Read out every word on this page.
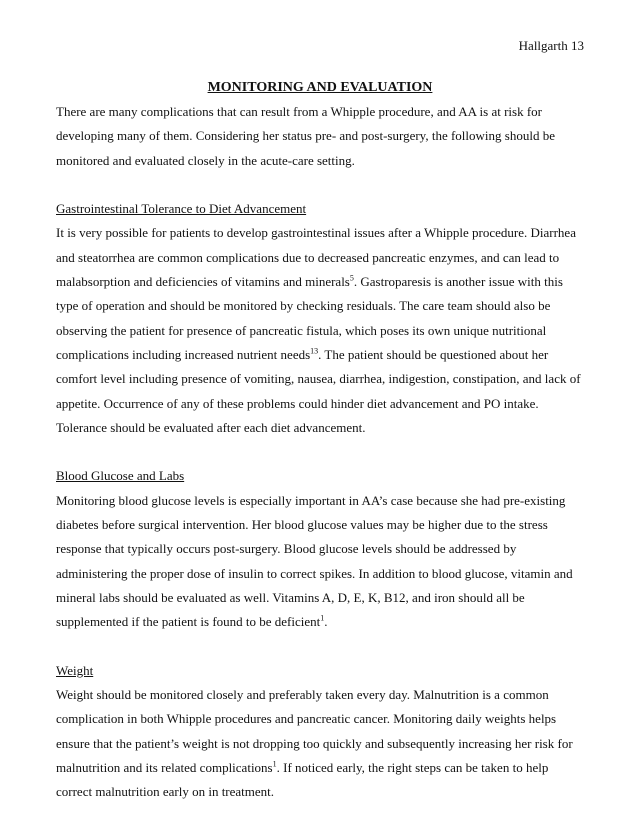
Hallgarth 13
MONITORING AND EVALUATION

There are many complications that can result from a Whipple procedure, and AA is at risk for developing many of them. Considering her status pre- and post-surgery, the following should be monitored and evaluated closely in the acute-care setting.

Gastrointestinal Tolerance to Diet Advancement

It is very possible for patients to develop gastrointestinal issues after a Whipple procedure. Diarrhea and steatorrhea are common complications due to decreased pancreatic enzymes, and can lead to malabsorption and deficiencies of vitamins and minerals$^5$. Gastroparesis is another issue with this type of operation and should be monitored by checking residuals. The care team should also be observing the patient for presence of pancreatic fistula, which poses its own unique nutritional complications including increased nutrient needs$^{13}$. The patient should be questioned about her comfort level including presence of vomiting, nausea, diarrhea, indigestion, constipation, and lack of appetite. Occurrence of any of these problems could hinder diet advancement and PO intake. Tolerance should be evaluated after each diet advancement.

Blood Glucose and Labs

Monitoring blood glucose levels is especially important in AA’s case because she had pre-existing diabetes before surgical intervention. Her blood glucose values may be higher due to the stress response that typically occurs post-surgery. Blood glucose levels should be addressed by administering the proper dose of insulin to correct spikes. In addition to blood glucose, vitamin and mineral labs should be evaluated as well. Vitamins A, D, E, K, B12, and iron should all be supplemented if the patient is found to be deficient$^1$.

Weight

Weight should be monitored closely and preferably taken every day. Malnutrition is a common complication in both Whipple procedures and pancreatic cancer. Monitoring daily weights helps ensure that the patient’s weight is not dropping too quickly and subsequently increasing her risk for malnutrition and its related complications$^1$. If noticed early, the right steps can be taken to help correct malnutrition early on in treatment.
